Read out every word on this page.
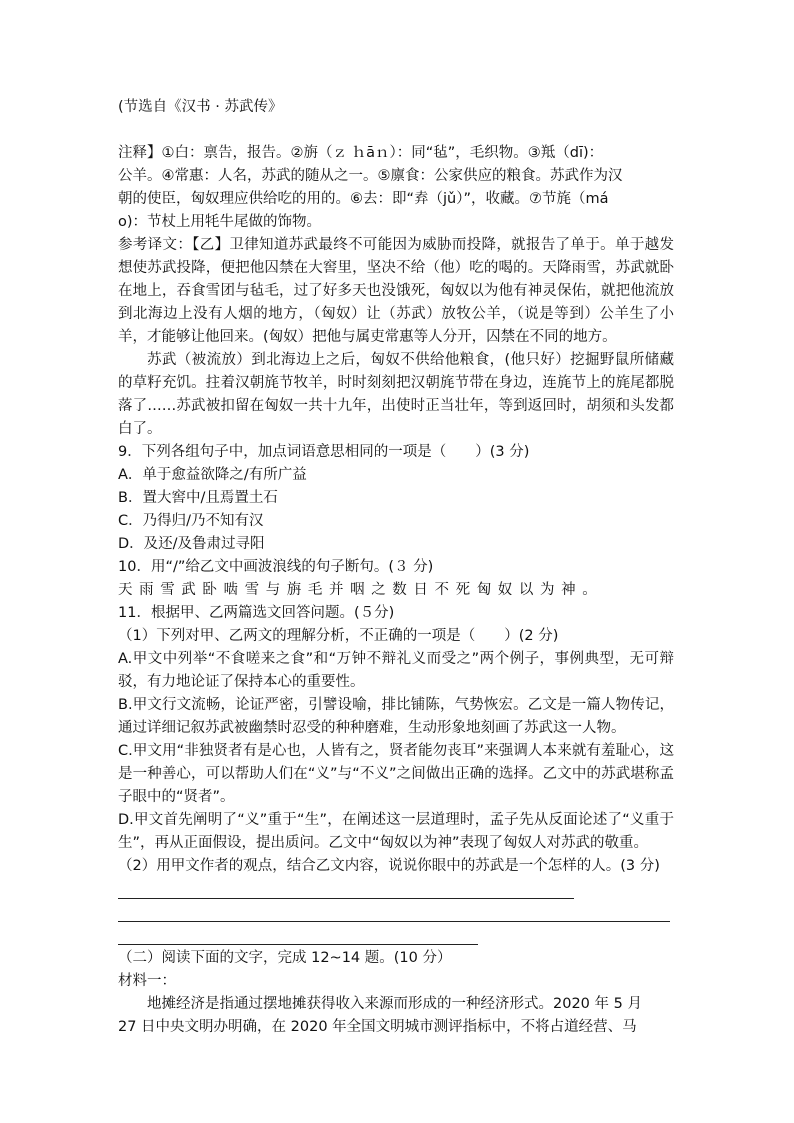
(节选自《汉书 · 苏武传》
注释】①白：禀告，报告。②旃（ｚ ｈāｎ）：同“毡”，毛织物。③羝（dī)：
公羊。④常惠：人名，苏武的随从之一。⑤廪食：公家供应的粮食。苏武作为汉
朝的使臣，匈奴理应供给吃的用的。⑥去：即“弆（jǔ）”，收藏。⑦节旄（má
o)：节杖上用牦牛尾做的饰物。
参考译文：【乙】卫律知道苏武最终不可能因为威胁而投降，就报告了单于。单于越发想使苏武投降，便把他囚禁在大窖里，坚决不给（他）吃的喝的。天降雨雪，苏武就卧在地上，吞食雪团与毡毛，过了好多天也没饿死，匈奴以为他有神灵保佑，就把他流放到北海边上没有人烟的地方，（匈奴）让（苏武）放牧公羊，（说是等到）公羊生了小羊，才能够让他回来。(匈奴）把他与属吏常惠等人分开，囚禁在不同的地方。
苏武（被流放）到北海边上之后，匈奴不供给他粮食，(他只好）挖掘野鼠所储藏的草籽充饥。拄着汉朝旄节牧羊，时时刻刻把汉朝旄节带在身边，连旄节上的旄尾都脱落了……苏武被扣留在匈奴一共十九年，出使时正当壮年，等到返回时，胡须和头发都白了。
9．下列各组句子中，加点词语意思相同的一项是（　　）(3 分)
A．单于愈益欲降之/有所广益
B．置大窖中/且焉置土石
C．乃得归/乃不知有汉
D．及还/及鲁肃过寻阳
10．用“/”给乙文中画波浪线的句子断句。(３ 分)
天雨雪武卧啮雪与旃毛并咽之数日不死匈奴以为神。
11．根据甲、乙两篇选文回答问题。(５分)
（1）下列对甲、乙两文的理解分析，不正确的一项是（　　）(2 分)
A.甲文中列举“不食嗟来之食”和“万钟不辩礼义而受之”两个例子，事例典型，无可辩驳，有力地论证了保持本心的重要性。
B.甲文行文流畅，论证严密，引譬设喻，排比铺陈，气势恢宏。乙文是一篇人物传记，通过详细记叙苏武被幽禁时忍受的种种磨难，生动形象地刻画了苏武这一人物。
C.甲文用“非独贤者有是心也，人皆有之，贤者能勿丧耳”来强调人本来就有羞耻心，这是一种善心，可以帮助人们在“义”与“不义”之间做出正确的选择。乙文中的苏武堪称孟子眼中的“贤者”。
D.甲文首先阐明了“义”重于“生”，在阐述这一层道理时，孟子先从反面论述了“义重于生”，再从正面假设，提出质问。乙文中“匈奴以为神”表现了匈奴人对苏武的敬重。
（2）用甲文作者的观点，结合乙文内容，说说你眼中的苏武是一个怎样的人。(3 分)
（二）阅读下面的文字，完成 12~14 题。(10 分）
材料一：
地摊经济是指通过摆地摊获得收入来源而形成的一种经济形式。2020 年 5 月
27 日中央文明办明确，在 2020 年全国文明城市测评指标中，不将占道经营、马
